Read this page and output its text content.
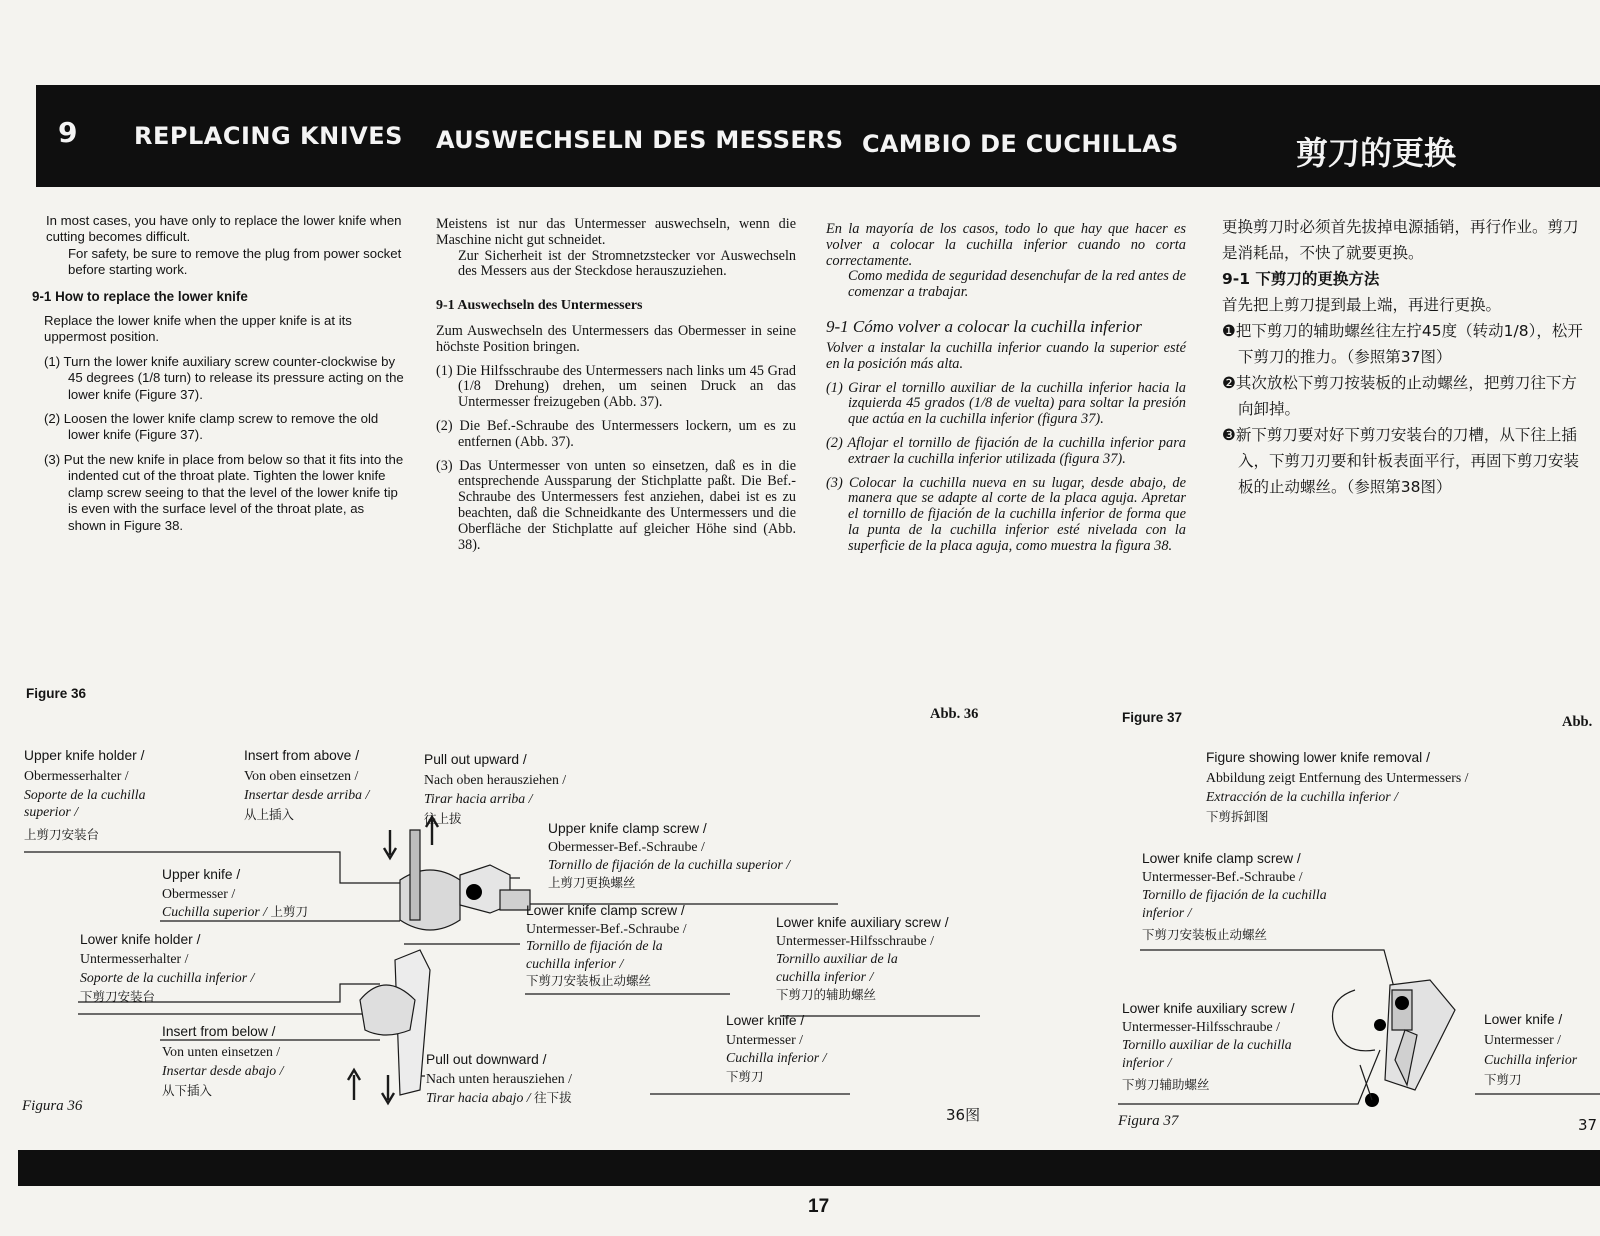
9 REPLACING KNIVES AUSWECHSELN DES MESSERS CAMBIO DE CUCHILLAS	剪刀的更换

In most cases, you have only to replace the lower knife when cutting becomes difficult.

For safety, be sure to remove the plug from power socket before starting work.

9-1 How to replace the lower knife

Replace the lower knife when the upper knife is at its uppermost position.

(1) Turn the lower knife auxiliary screw counter-clockwise by 45 degrees (1/8 turn) to release its pressure acting on the lower knife (Figure 37).

(2) Loosen the lower knife clamp screw to remove the old lower knife (Figure 37).

(3) Put the new knife in place from below so that it fits into the indented cut of the throat plate. Tighten the lower knife clamp screw seeing to that the level of the lower knife tip is even with the surface level of the throat plate, as shown in Figure 38.

Meistens ist nur das Untermesser auswechseln, wenn die Maschine nicht gut schneidet.

Zur Sicherheit ist der Stromnetzstecker vor Auswechseln des Messers aus der Steckdose herauszuziehen.

9-1 Auswechseln des Untermessers

Zum Auswechseln des Untermessers das Obermesser in seine höchste Position bringen.

(1) Die Hilfsschraube des Untermessers nach links um 45 Grad (1/8 Drehung) drehen, um seinen Druck an das Untermesser freizugeben (Abb. 37).

(2) Die Bef.-Schraube des Untermessers lockern, um es zu entfernen (Abb. 37).

(3) Das Untermesser von unten so einsetzen, daß es in die entsprechende Aussparung der Stichplatte paßt. Die Bef.-Schraube des Untermessers fest anziehen, dabei ist es zu beachten, daß die Schneidkante des Untermessers und die Oberfläche der Stichplatte auf gleicher Höhe sind (Abb. 38).

En la mayoría de los casos, todo lo que hay que hacer es volver a colocar la cuchilla inferior cuando no corta correctamente.

Como medida de seguridad desenchufar de la red antes de comenzar a trabajar.

9-1 Cómo volver a colocar la cuchilla inferior

Volver a instalar la cuchilla inferior cuando la superior esté en la posición más alta.

(1) Girar el tornillo auxiliar de la cuchilla inferior hacia la izquierda 45 grados (1/8 de vuelta) para soltar la presión que actúa en la cuchilla inferior (figura 37).

(2) Aflojar el tornillo de fijación de la cuchilla inferior para extraer la cuchilla inferior utilizada (figura 37).

(3) Colocar la cuchilla nueva en su lugar, desde abajo, de manera que se adapte al corte de la placa aguja. Apretar el tornillo de fijación de la cuchilla inferior de forma que la punta de la cuchilla inferior esté nivelada con la superficie de la placa aguja, como muestra la figura 38.

更换剪刀时必须首先拔掉电源插销，再行作业。剪刀是消耗品，不快了就要更换。

9-1 下剪刀的更换方法

首先把上剪刀提到最上端，再进行更换。

❶把下剪刀的辅助螺丝往左拧45度（转动1/8），松开下剪刀的推力。（参照第37图）

❷其次放松下剪刀按装板的止动螺丝，把剪刀往下方向卸掉。

❸新下剪刀要对好下剪刀安装台的刀槽，从下往上插入，下剪刀刃要和针板表面平行，再固下剪刀安装板的止动螺丝。（参照第38图）

Figure 36
Abb. 36
Figura 36	36图
Figure 37	Abb.
Figura 37	37
Upper knife holder /
Obermesserhalter /
Soporte de la cuchilla
superior /
上剪刀安装台
Insert from above /
Von oben einsetzen /
Insertar desde arriba /
从上插入
Pull out upward /
Nach oben herausziehen /
Tirar hacia arriba /
往上拔
Upper knife clamp screw /
Obermesser-Bef.-Schraube /
Tornillo de fijación de la cuchilla superior /
上剪刀更换螺丝
Upper knife /
Obermesser /
Cuchilla superior / 上剪刀	Lower knife clamp screw /
Untermesser-Bef.-Schraube /
Tornillo de fijación de la
cuchilla inferior /
下剪刀安装板止动螺丝
Lower knife auxiliary screw /
Untermesser-Hilfsschraube /
Tornillo auxiliar de la
cuchilla inferior /
下剪刀的辅助螺丝
Lower knife holder /
Untermesserhalter /
Soporte de la cuchilla inferior /
下剪刀安装台
Lower knife /
Untermesser /
Cuchilla inferior /
下剪刀
Insert from below /
Von unten einsetzen /
Insertar desde abajo /
从下插入
Pull out downward /
Nach unten herausziehen /
Tirar hacia abajo / 往下拔
Figure showing lower knife removal /
Abbildung zeigt Entfernung des Untermessers /
Extracción de la cuchilla inferior /
下剪拆卸图
Lower knife clamp screw /
Untermesser-Bef.-Schraube /
Tornillo de fijación de la cuchilla
inferior /
下剪刀安装板止动螺丝
Lower knife auxiliary screw /
Untermesser-Hilfsschraube /
Tornillo auxiliar de la cuchilla
inferior /
下剪刀辅助螺丝
Lower knife /
Untermesser /
Cuchilla inferior
下剪刀
17
